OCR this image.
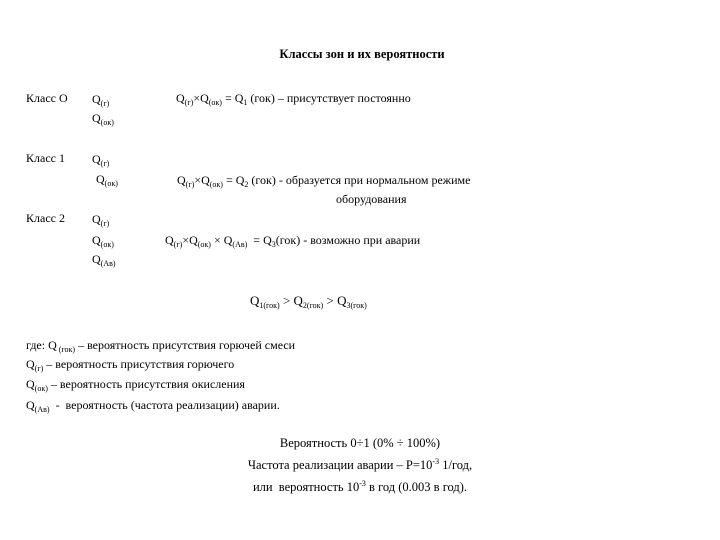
Классы зон и их вероятности
Класс О $Q_{(г)}$
$Q_{(ок)}$
$Q_{(г)}\times Q_{(ок)} = Q_1$ (гок) – присутствует постоянно
Класс 1 $Q_{(г)}$
$Q_{(ок)}$	$Q_{(г)}\times Q_{(ок)} = Q_2$ (гок) - образуется при нормальном режиме
оборудования
Класс 2 $Q_{(г)}$
$Q_{(ок)}$
$Q_{(Ав)}$
$Q_{(г)}\times Q_{(ок)} \times Q_{(Ав)} = Q_3(гок)$ - возможно при аварии
$Q_{1(гок)} > Q_{2(гок)} > Q_{3(гок)}$
где: Q $_{(гок)}$ – вероятность присутствия горючей смеси
$Q_{(г)}$ – вероятность присутствия горючего
$Q_{(ок)}$ – вероятность присутствия окисления
$Q_{(Ав)}$  -  вероятность (частота реализации) аварии.
Вероятность 0÷1 (0% ÷ 100%)
Частота реализации аварии – $Р=10^{-3}$ 1/год,
или  вероятность $10^{-3}$ в год (0.003 в год).
